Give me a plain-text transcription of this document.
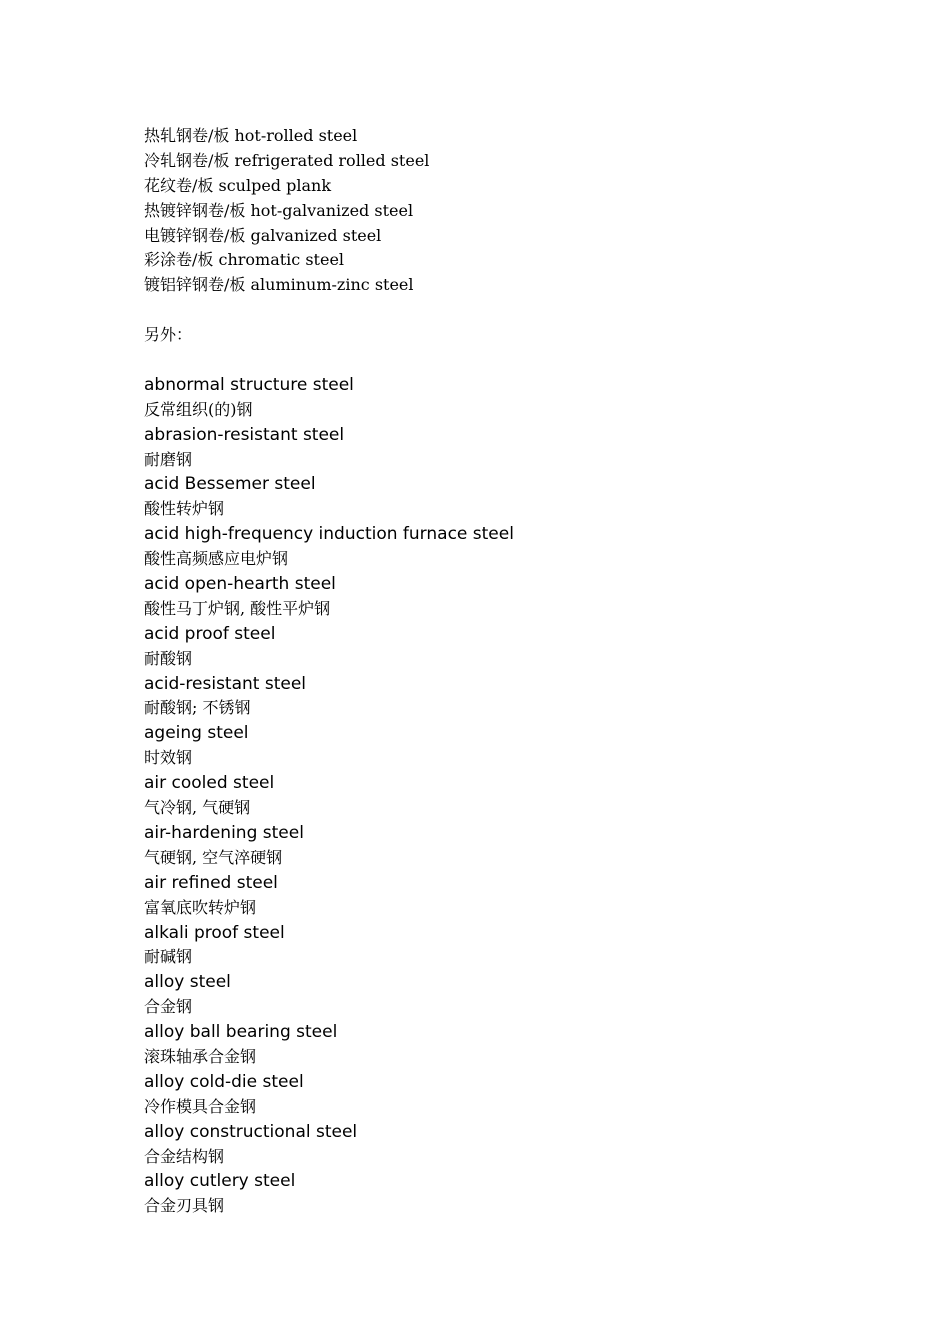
热轧钢卷/板 hot-rolled steel
冷轧钢卷/板 refrigerated rolled steel
花纹卷/板 sculped plank
热镀锌钢卷/板 hot-galvanized steel
电镀锌钢卷/板 galvanized steel
彩涂卷/板 chromatic steel
镀铝锌钢卷/板 aluminum-zinc steel
另外：
abnormal structure steel
反常组织(的)钢
abrasion-resistant steel
耐磨钢
acid Bessemer steel
酸性转炉钢
acid high-frequency induction furnace steel
酸性高频感应电炉钢
acid open-hearth steel
酸性马丁炉钢, 酸性平炉钢
acid proof steel
耐酸钢
acid-resistant steel
耐酸钢; 不锈钢
ageing steel
时效钢
air cooled steel
气冷钢, 气硬钢
air-hardening steel
气硬钢, 空气淬硬钢
air refined steel
富氧底吹转炉钢
alkali proof steel
耐碱钢
alloy steel
合金钢
alloy ball bearing steel
滚珠轴承合金钢
alloy cold-die steel
冷作模具合金钢
alloy constructional steel
合金结构钢
alloy cutlery steel
合金刃具钢
